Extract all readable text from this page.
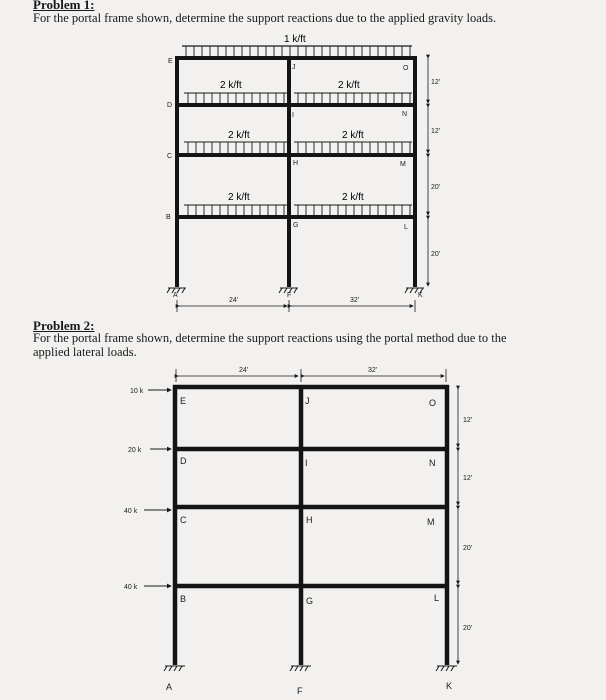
Problem 1:
For the portal frame shown, determine the support reactions due to the applied gravity loads.
1 k/ft
2 k/ft	2 k/ft
2 k/ft	2 k/ft
2 k/ft	2 k/ft
E
D
C
B
A
J
I
H
G
F
O
N
M
L
K
24'	32'
12'
12'
20'
20'
Problem 2:
For the portal frame shown, determine the support reactions using the portal method due to the
applied lateral loads.
24'	32'
10 k
20 k
40 k
40 k
E
D
C
B
A
J
I
H
G
F
O
N
M
L
K
12'
12'
20'
20'
